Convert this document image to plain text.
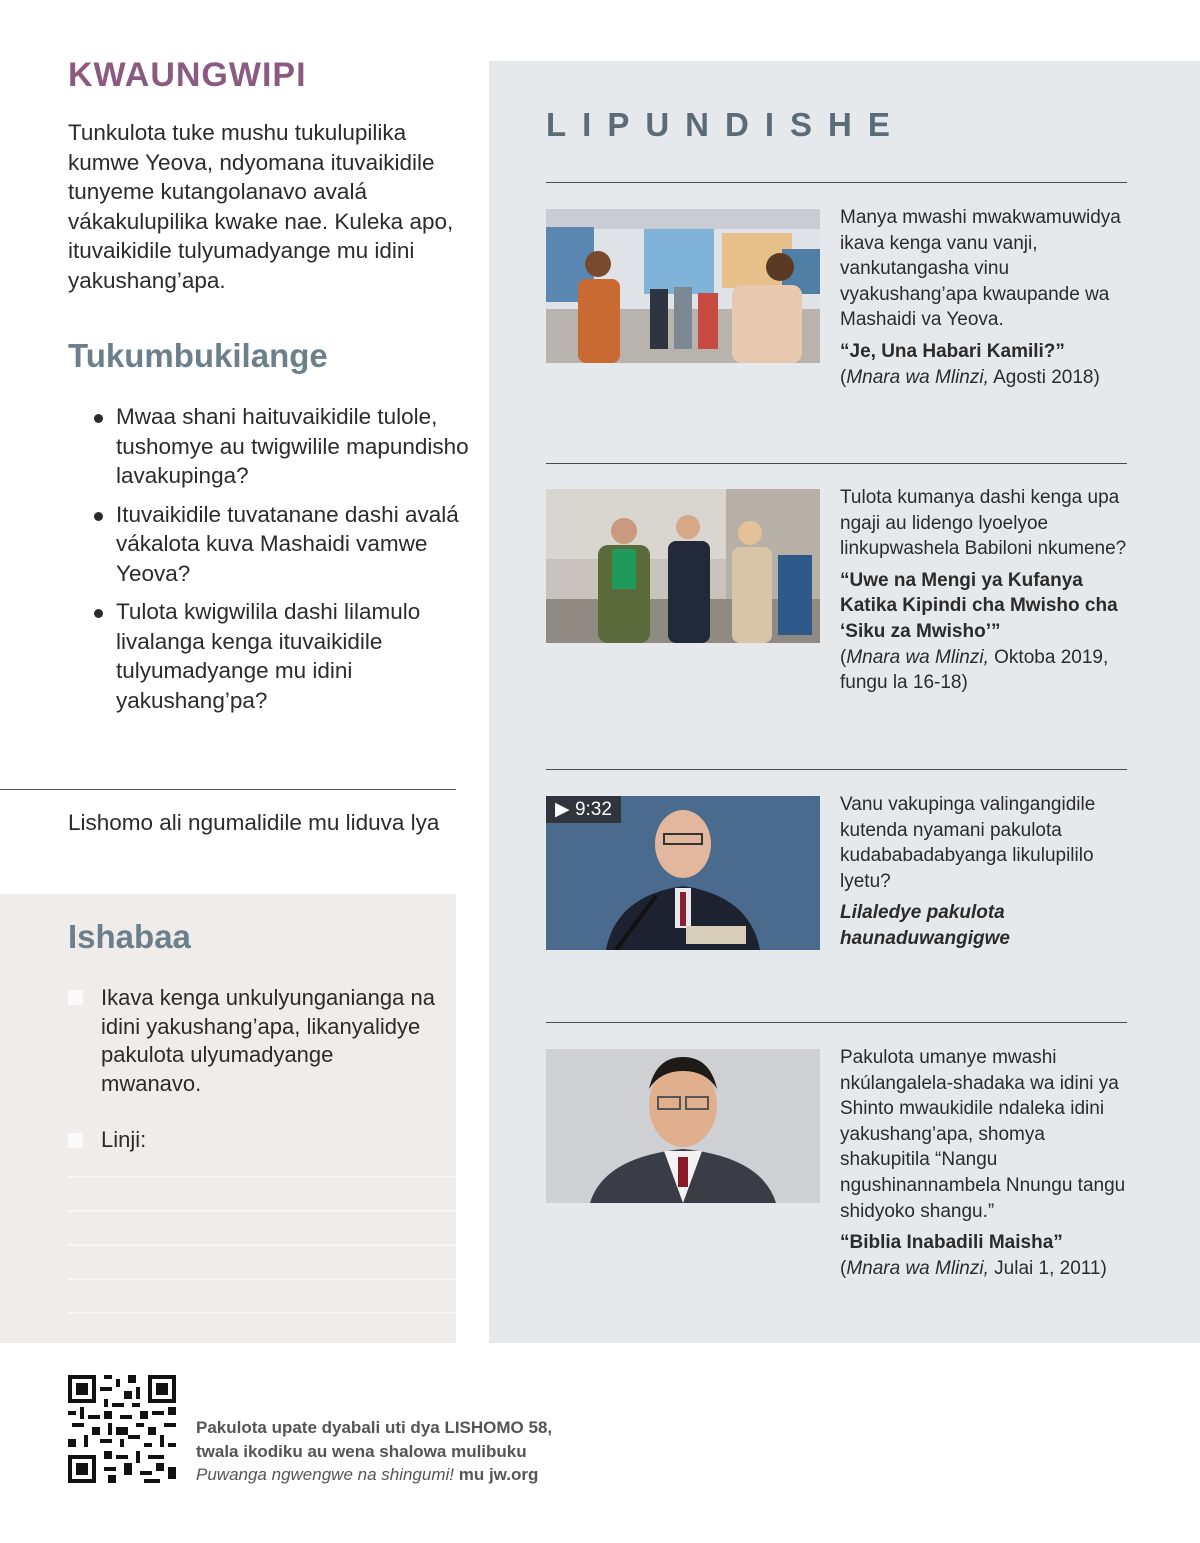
KWAUNGWIPI
Tunkulota tuke mushu tukulupilika kumwe Yeova, ndyomana ituvaikidile tunyeme kutangolanavo avalá vákakulupilika kwake nae. Kuleka apo, ituvaikidile tulyumadyange mu idini yakushang’apa.
Tukumbukilange
Mwaa shani haituvaikidile tulole, tushomye au twigwilile mapundisho lavakupinga?
Ituvaikidile tuvatanane dashi avalá vákalota kuva Mashaidi vamwe Yeova?
Tulota kwigwilila dashi lilamulo livalanga kenga ituvaikidile tulyumadyange mu idini yakushang’pa?
Lishomo ali ngumalidile mu liduva lya
Ishabaa
Ikava kenga unkulyunganianga na idini yakushang’apa, likanyalidye pakulota ulyumadyange mwanavo.
Linji:
LIPUNDISHE
Manya mwashi mwakwamuwidya ikava kenga vanu vanji, vankutangasha vinu vyakushang’apa kwaupande wa Mashaidi va Yeova.
“Je, Una Habari Kamili?”
(Mnara wa Mlinzi, Agosti 2018)
Tulota kumanya dashi kenga upa ngaji au lidengo lyoelyoe linkupwashela Babiloni nkumene?
“Uwe na Mengi ya Kufanya Katika Kipindi cha Mwisho cha ‘Siku za Mwisho’”
(Mnara wa Mlinzi, Oktoba 2019, fungu la 16-18)
▶ 9:32	Vanu vakupinga valingangidile kutenda nyamani pakulota kudababadabyanga likulupililo lyetu?
Lilaledye pakulota haunaduwangigwe
Pakulota umanye mwashi nkúlangalela-shadaka wa idini ya Shinto mwaukidile ndaleka idini yakushang’apa, shomya shakupitila “Nangu ngushinannambela Nnungu tangu shidyoko shangu.”
“Biblia Inabadili Maisha”
(Mnara wa Mlinzi, Julai 1, 2011)
Pakulota upate dyabali uti dya LISHOMO 58,
twala ikodiku au wena shalowa mulibuku
Puwanga ngwengwe na shingumi! mu jw.org
